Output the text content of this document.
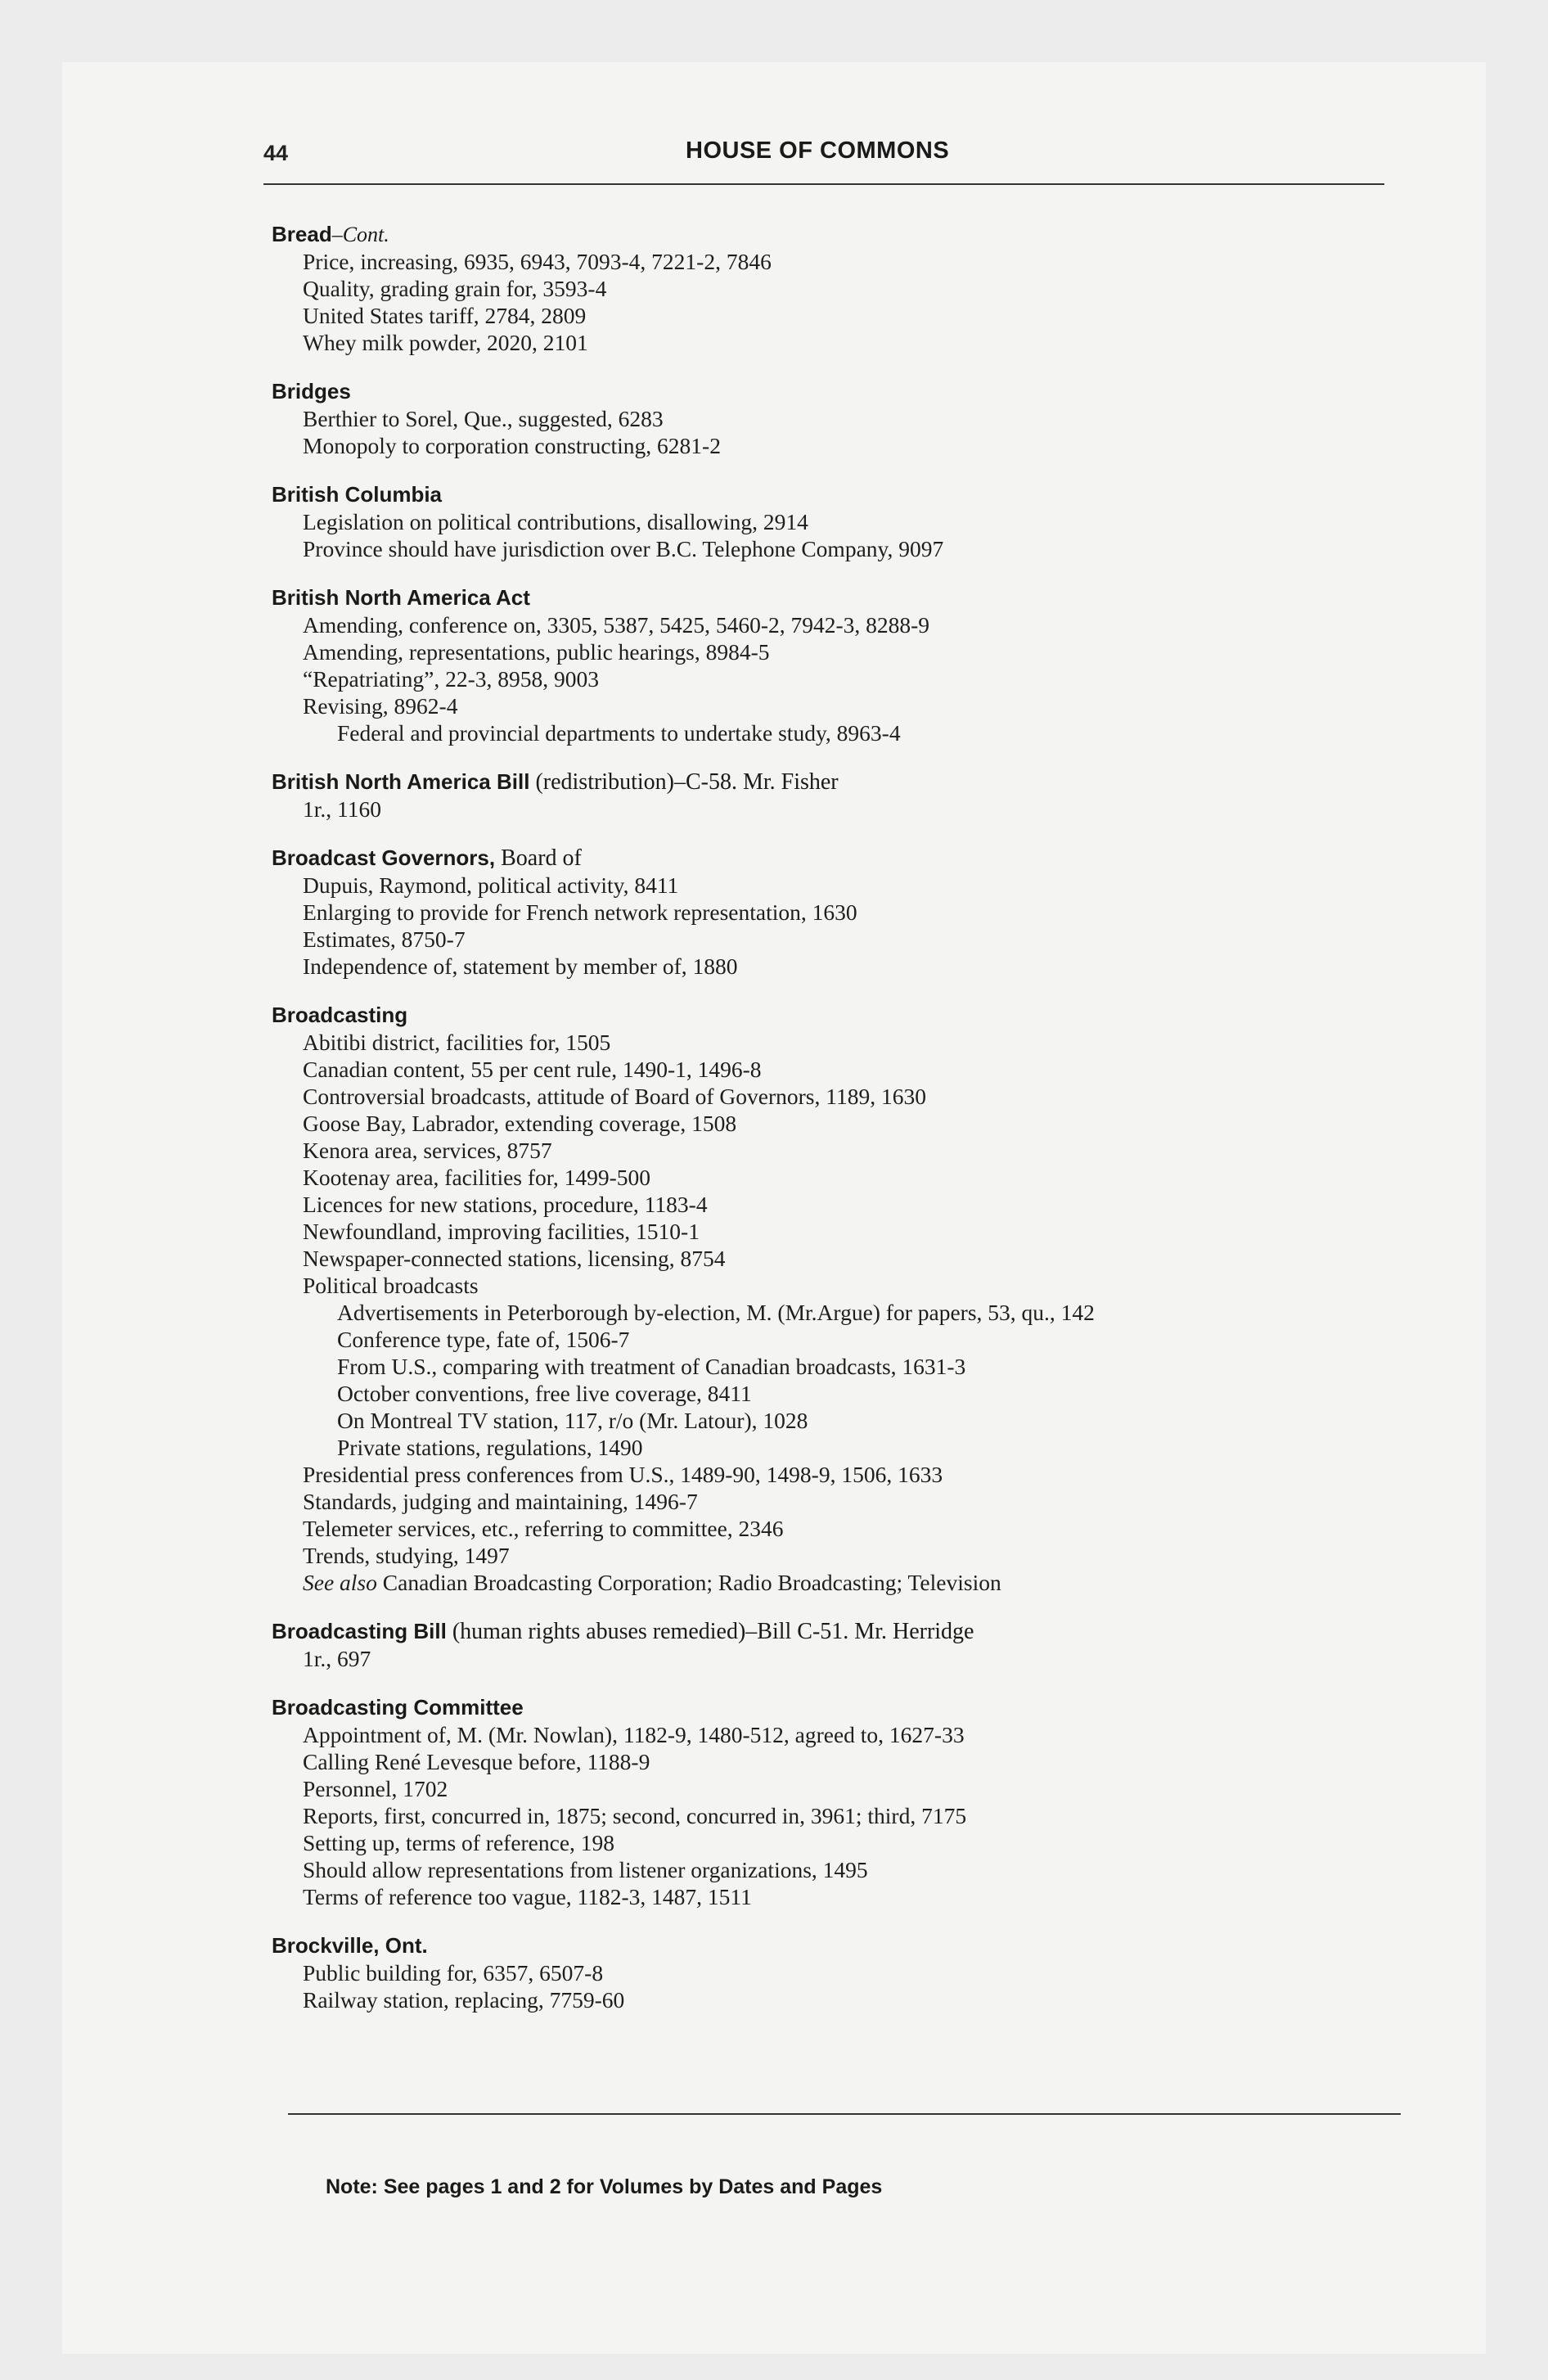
44	HOUSE OF COMMONS
Bread–Cont.
Price, increasing, 6935, 6943, 7093-4, 7221-2, 7846
Quality, grading grain for, 3593-4
United States tariff, 2784, 2809
Whey milk powder, 2020, 2101
Bridges
Berthier to Sorel, Que., suggested, 6283
Monopoly to corporation constructing, 6281-2
British Columbia
Legislation on political contributions, disallowing, 2914
Province should have jurisdiction over B.C. Telephone Company, 9097
British North America Act
Amending, conference on, 3305, 5387, 5425, 5460-2, 7942-3, 8288-9
Amending, representations, public hearings, 8984-5
“Repatriating”, 22-3, 8958, 9003
Revising, 8962-4
Federal and provincial departments to undertake study, 8963-4
British North America Bill (redistribution)–C-58. Mr. Fisher
1r., 1160
Broadcast Governors, Board of
Dupuis, Raymond, political activity, 8411
Enlarging to provide for French network representation, 1630
Estimates, 8750-7
Independence of, statement by member of, 1880
Broadcasting
Abitibi district, facilities for, 1505
Canadian content, 55 per cent rule, 1490-1, 1496-8
Controversial broadcasts, attitude of Board of Governors, 1189, 1630
Goose Bay, Labrador, extending coverage, 1508
Kenora area, services, 8757
Kootenay area, facilities for, 1499-500
Licences for new stations, procedure, 1183-4
Newfoundland, improving facilities, 1510-1
Newspaper-connected stations, licensing, 8754
Political broadcasts
Advertisements in Peterborough by-election, M. (Mr.Argue) for papers, 53, qu., 142
Conference type, fate of, 1506-7
From U.S., comparing with treatment of Canadian broadcasts, 1631-3
October conventions, free live coverage, 8411
On Montreal TV station, 117, r/o (Mr. Latour), 1028
Private stations, regulations, 1490
Presidential press conferences from U.S., 1489-90, 1498-9, 1506, 1633
Standards, judging and maintaining, 1496-7
Telemeter services, etc., referring to committee, 2346
Trends, studying, 1497
See also Canadian Broadcasting Corporation; Radio Broadcasting; Television
Broadcasting Bill (human rights abuses remedied)–Bill C-51. Mr. Herridge
1r., 697
Broadcasting Committee
Appointment of, M. (Mr. Nowlan), 1182-9, 1480-512, agreed to, 1627-33
Calling René Levesque before, 1188-9
Personnel, 1702
Reports, first, concurred in, 1875; second, concurred in, 3961; third, 7175
Setting up, terms of reference, 198
Should allow representations from listener organizations, 1495
Terms of reference too vague, 1182-3, 1487, 1511
Brockville, Ont.
Public building for, 6357, 6507-8
Railway station, replacing, 7759-60
Note: See pages 1 and 2 for Volumes by Dates and Pages
